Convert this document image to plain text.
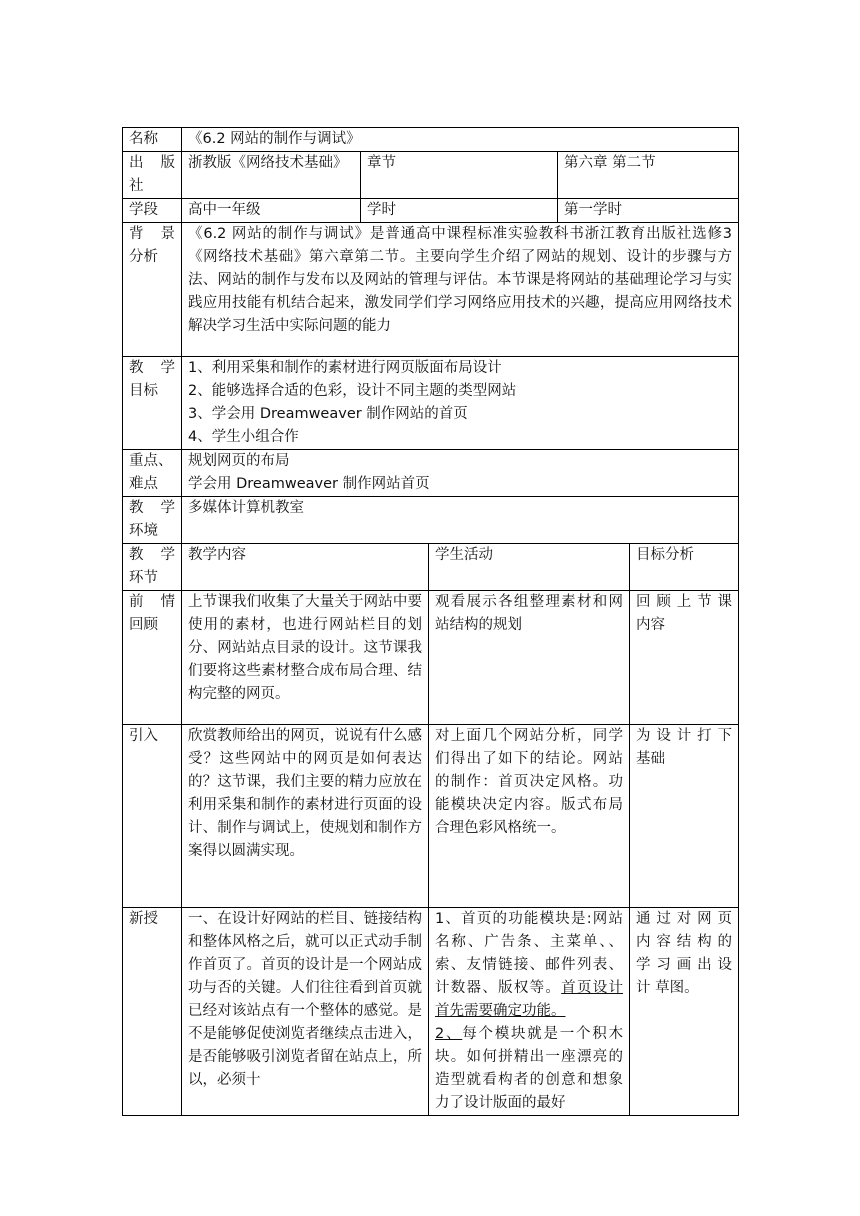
名称	《6.2 网站的制作与调试》				
出 版 社	浙教版《网络技术基础》	章节		第六章 第二节	
学段	高中一年级	学时		第一学时	
背 景 分析	《6.2 网站的制作与调试》是普通高中课程标准实验教科书浙江教育出版社选修3《网络技术基础》第六章第二节。主要向学生介绍了网站的规划、设计的步骤与方法、网站的制作与发布以及网站的管理与评估。本节课是将网站的基础理论学习与实践应用技能有机结合起来，激发同学们学习网络应用技术的兴趣，提高应用网络技术解决学习生活中实际问题的能力				
教 学 目标	1、利用采集和制作的素材进行网页版面布局设计
2、能够选择合适的色彩，设计不同主题的类型网站
3、学会用 Dreamweaver 制作网站的首页
4、学生小组合作				

重点、难点	规划网页的布局
学会用 Dreamweaver 制作网站首页				

教 学 环境	多媒体计算机教室				
教 学 环节	教学内容		学生活动		目标分析
前 情 回顾	上节课我们收集了大量关于网站中要使用的素材，也进行网站栏目的划分、网站站点目录的设计。这节课我们要将这些素材整合成布局合理、结构完整的网页。		观看展示各组整理素材和网站结构的规划		回 顾 上 节 课内容
引入	欣赏教师给出的网页，说说有什么感受？这些网站中的网页是如何表达的？这节课，我们主要的精力应放在利用采集和制作的素材进行页面的设计、制作与调试上，使规划和制作方案得以圆满实现。		对上面几个网站分析，同学们得出了如下的结论。网站的制作：首页决定风格。功能模块决定内容。版式布局合理色彩风格统一。		为 设 计 打 下基础
新授	一、在设计好网站的栏目、链接结构和整体风格之后，就可以正式动手制作首页了。首页的设计是一个网站成功与否的关键。人们往往看到首页就已经对该站点有一个整体的感觉。是不是能够促使浏览者继续点击进入，是否能够吸引浏览者留在站点上，所以，必须十		1、首页的功能模块是:网站名称、广告条、主菜单、、索、友情链接、邮件列表、计数器、版权等。首页设计首先需要确定功能。
2、每个模块就是一个积木块。如何拼精出一座漂亮的造型就看构者的创意和想象力了设计版面的最好		通 过 对 网 页 内 容 结 构 的 学 习 画 出 设 计 草图。
